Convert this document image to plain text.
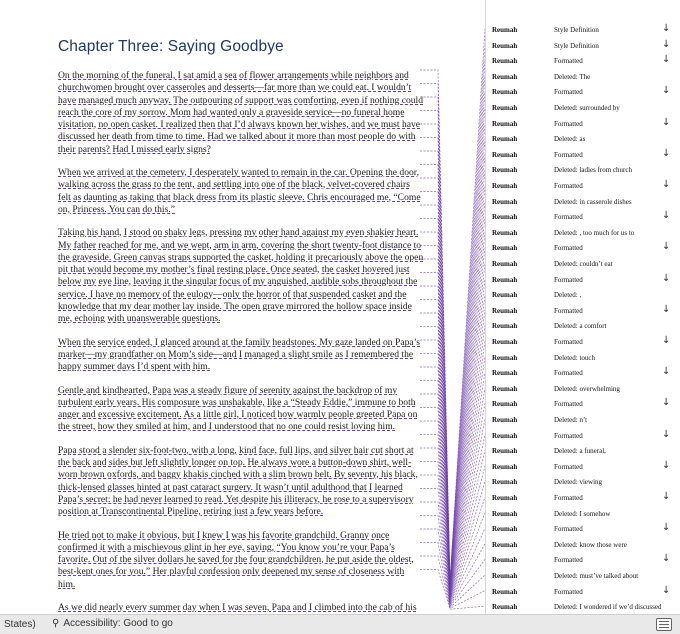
Chapter Three: Saying Goodbye
On the morning of the funeral, I sat amid a sea of flower arrangements while neighbors and churchwomen brought over casseroles and desserts—far more than we could eat. I wouldn’t have managed much anyway. The outpouring of support was comforting, even if nothing could reach the core of my sorrow. Mom had wanted only a graveside service—no funeral home visitation, no open casket. I realized then that I’d always known her wishes, and we must have discussed her death from time to time. Had we talked about it more than most people do with their parents? Had I missed early signs?
When we arrived at the cemetery, I desperately wanted to remain in the car. Opening the door, walking across the grass to the tent, and settling into one of the black, velvet-covered chairs felt as daunting as taking that black dress from its plastic sleeve. Chris encouraged me, “Come on, Princess. You can do this.”
Taking his hand, I stood on shaky legs, pressing my other hand against my even shakier heart. My father reached for me, and we wept, arm in arm, covering the short twenty-foot distance to the graveside. Green canvas straps supported the casket, holding it precariously above the open pit that would become my mother’s final resting place. Once seated, the casket hovered just below my eye line, leaving it the singular focus of my anguished, audible sobs throughout the service. I have no memory of the eulogy—only the horror of that suspended casket and the knowledge that my dear mother lay inside. The open grave mirrored the hollow space inside me, echoing with unanswerable questions.
When the service ended, I glanced around at the family headstones. My gaze landed on Papa’s marker—my grandfather on Mom’s side—and I managed a slight smile as I remembered the happy summer days I’d spent with him.
Gentle and kindhearted, Papa was a steady figure of serenity against the backdrop of my turbulent early years. His composure was unshakable, like a “Steady Eddie,” immune to both anger and excessive excitement. As a little girl, I noticed how warmly people greeted Papa on the street, how they smiled at him, and I understood that no one could resist loving him.
Papa stood a slender six-foot-two, with a long, kind face, full lips, and silver hair cut short at the back and sides but left slightly longer on top. He always wore a button-down shirt, well-worn brown oxfords, and baggy khakis cinched with a slim brown belt. By seventy, his black, thick-lensed glasses hinted at past cataract surgery. It wasn’t until adulthood that I learned Papa’s secret: he had never learned to read. Yet despite his illiteracy, he rose to a supervisory position at Transcontinental Pipeline, retiring just a few years before.
He tried not to make it obvious, but I knew I was his favorite grandchild. Granny once confirmed it with a mischievous glint in her eye, saying, “You know you’re your Papa’s favorite. Out of the silver dollars he saved for the four grandchildren, he put aside the oldest, best-kept ones for you.” Her playful confession only deepened my sense of closeness with him.
As we did nearly every summer day when I was seven, Papa and I climbed into the cab of his
Reumah	Style Definition	↓
Reumah	Style Definition	↓
Reumah	Formatted	↓
Reumah	Deleted: The
Reumah	Formatted	↓
Reumah	Deleted: surrounded by
Reumah	Formatted	↓
Reumah	Deleted: as
Reumah	Formatted	↓
Reumah	Deleted: ladies from church
Reumah	Formatted	↓
Reumah	Deleted: in casserole dishes
Reumah	Formatted	↓
Reumah	Deleted: , too much for us to
Reumah	Formatted	↓
Reumah	Deleted: couldn’t eat
Reumah	Formatted	↓
Reumah	Deleted: ,
Reumah	Formatted	↓
Reumah	Deleted: a comfort
Reumah	Formatted	↓
Reumah	Deleted: touch
Reumah	Formatted	↓
Reumah	Deleted: overwhelming
Reumah	Formatted	↓
Reumah	Deleted: n’t
Reumah	Formatted	↓
Reumah	Deleted: a funeral,
Reumah	Formatted	↓
Reumah	Deleted: viewing
Reumah	Formatted	↓
Reumah	Deleted: I somehow
Reumah	Formatted	↓
Reumah	Deleted: know those were
Reumah	Formatted	↓
Reumah	Deleted: must’ve talked about
Reumah	Formatted	↓
Reumah	Deleted: I wondered if we’d discussed
States) ⚲ Accessibility: Good to go
